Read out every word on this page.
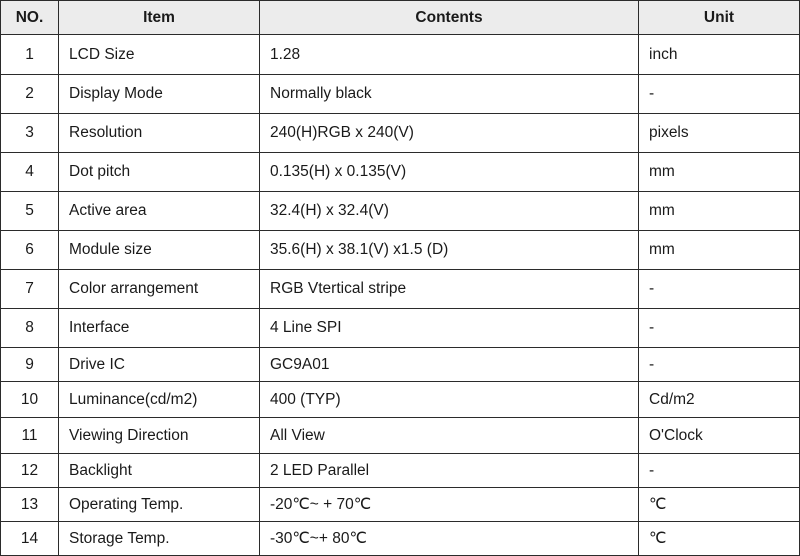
NO.	Item	Contents	Unit
1	LCD Size	1.28	inch
2	Display Mode	Normally black	-
3	Resolution	240(H)RGB x 240(V)	pixels
4	Dot pitch	0.135(H) x 0.135(V)	mm
5	Active area	32.4(H) x 32.4(V)	mm
6	Module size	35.6(H) x 38.1(V) x1.5 (D)	mm
7	Color arrangement	RGB Vtertical stripe	-
8	Interface	4 Line SPI	-
9	Drive IC	GC9A01	-
10	Luminance(cd/m2)	400 (TYP)	Cd/m2
11	Viewing Direction	All View	O'Clock
12	Backlight	2 LED Parallel	-
13	Operating Temp.	-20℃~ + 70℃	℃
14	Storage Temp.	-30℃~+ 80℃	℃
